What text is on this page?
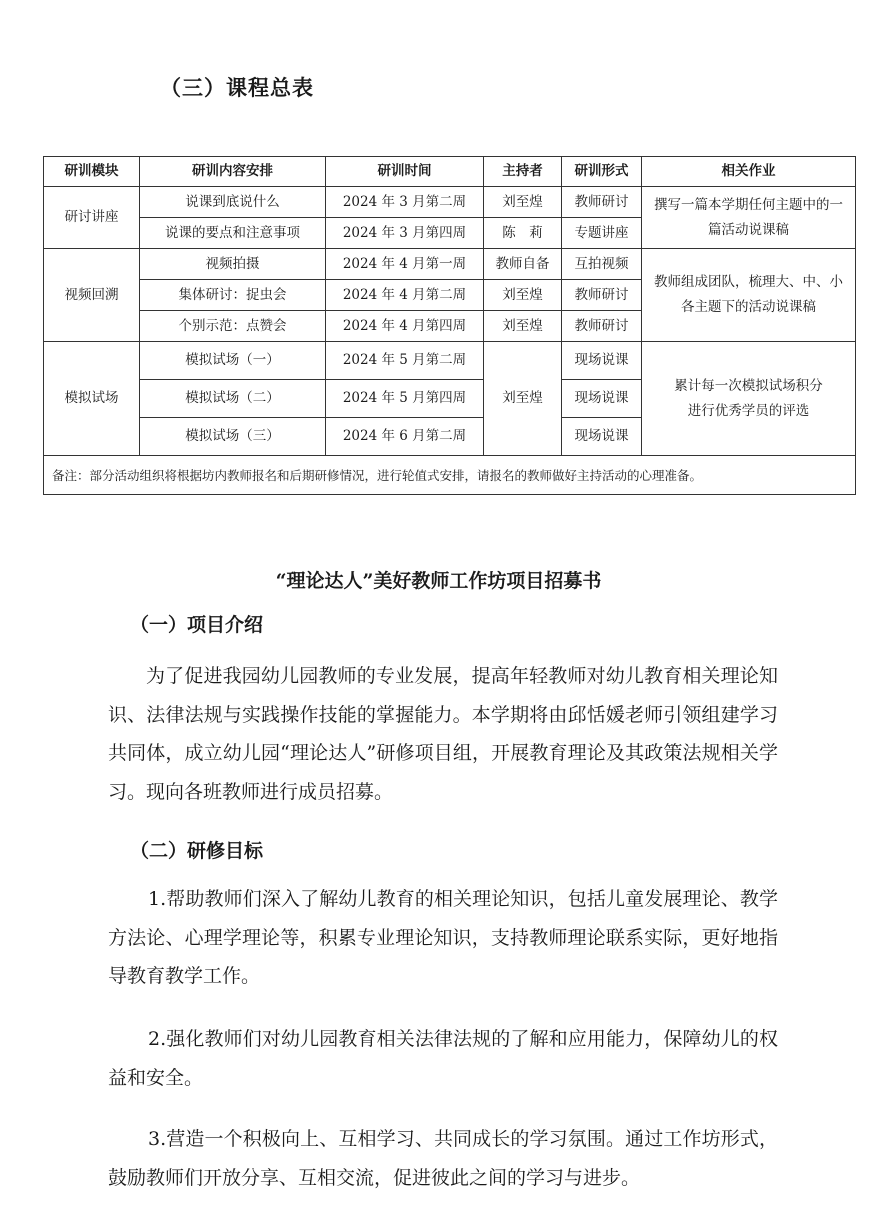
（三）课程总表
研训模块	研训内容安排	研训时间	主持者	研训形式	相关作业
研讨讲座	说课到底说什么	2024 年 3 月第二周	刘至煌	教师研讨	撰写一篇本学期任何主题中的一篇活动说课稿
	说课的要点和注意事项	2024 年 3 月第四周	陈　莉	专题讲座	
视频回溯	视频拍摄	2024 年 4 月第一周	教师自备	互拍视频	教师组成团队，梳理大、中、小各主题下的活动说课稿
	集体研讨：捉虫会	2024 年 4 月第二周	刘至煌	教师研讨	
	个别示范：点赞会	2024 年 4 月第四周	刘至煌	教师研讨	
模拟试场	模拟试场（一）	2024 年 5 月第二周	刘至煌	现场说课	累计每一次模拟试场积分进行优秀学员的评选
	模拟试场（二）	2024 年 5 月第四周		现场说课	
	模拟试场（三）	2024 年 6 月第二周		现场说课	
备注：部分活动组织将根据坊内教师报名和后期研修情况，进行轮值式安排，请报名的教师做好主持活动的心理准备。					
“理论达人”美好教师工作坊项目招募书
（一）项目介绍

为了促进我园幼儿园教师的专业发展，提高年轻教师对幼儿教育相关理论知识、法律法规与实践操作技能的掌握能力。本学期将由邱恬媛老师引领组建学习共同体，成立幼儿园“理论达人”研修项目组，开展教育理论及其政策法规相关学习。现向各班教师进行成员招募。

（二）研修目标

1.帮助教师们深入了解幼儿教育的相关理论知识，包括儿童发展理论、教学方法论、心理学理论等，积累专业理论知识，支持教师理论联系实际，更好地指导教育教学工作。

2.强化教师们对幼儿园教育相关法律法规的了解和应用能力，保障幼儿的权益和安全。

3.营造一个积极向上、互相学习、共同成长的学习氛围。通过工作坊形式，鼓励教师们开放分享、互相交流，促进彼此之间的学习与进步。
